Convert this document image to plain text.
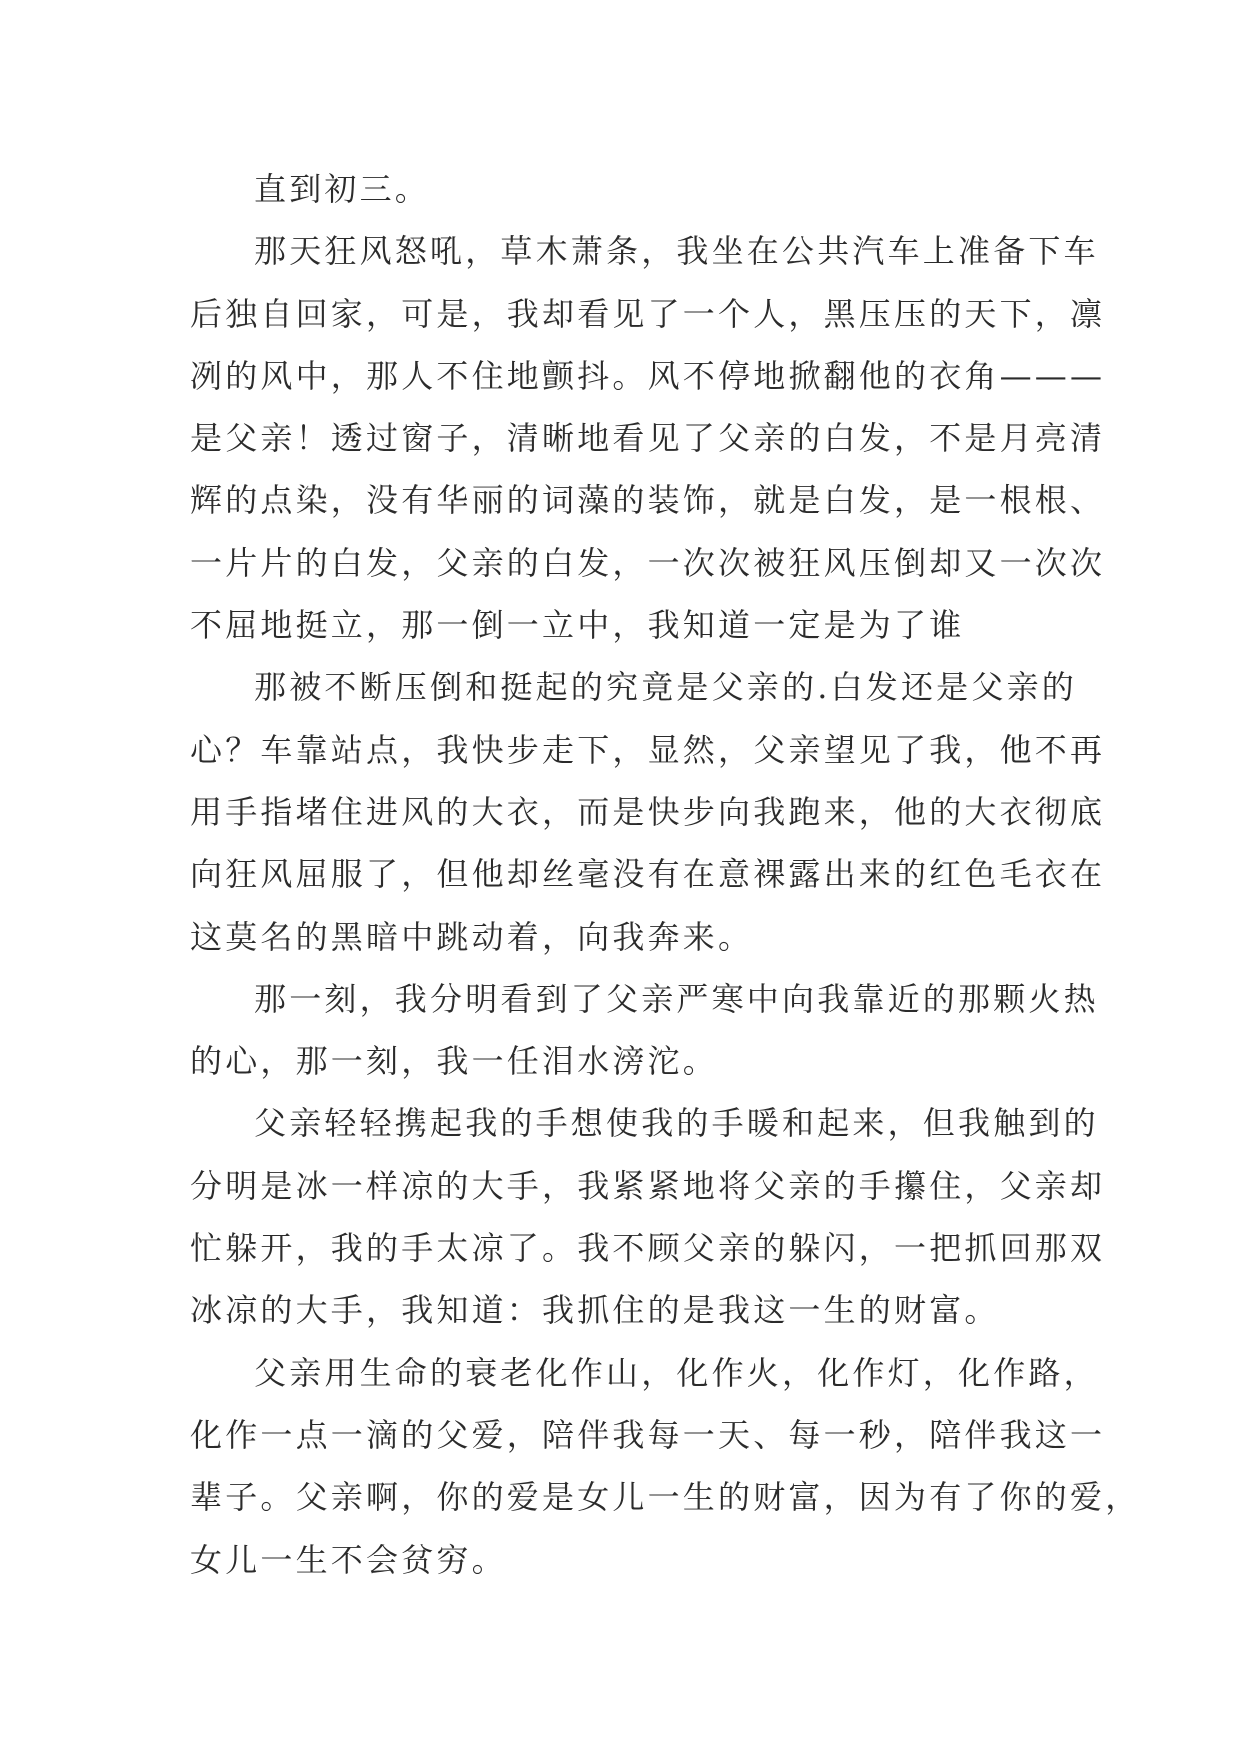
直到初三。
那天狂风怒吼，草木萧条，我坐在公共汽车上准备下车
后独自回家，可是，我却看见了一个人，黑压压的天下，凛
冽的风中，那人不住地颤抖。风不停地掀翻他的衣角———
是父亲！透过窗子，清晰地看见了父亲的白发，不是月亮清
辉的点染，没有华丽的词藻的装饰，就是白发，是一根根、
一片片的白发，父亲的白发，一次次被狂风压倒却又一次次
不屈地挺立，那一倒一立中，我知道一定是为了谁
那被不断压倒和挺起的究竟是父亲的.白发还是父亲的
心？车靠站点，我快步走下，显然，父亲望见了我，他不再
用手指堵住进风的大衣，而是快步向我跑来，他的大衣彻底
向狂风屈服了，但他却丝毫没有在意裸露出来的红色毛衣在
这莫名的黑暗中跳动着，向我奔来。
那一刻，我分明看到了父亲严寒中向我靠近的那颗火热
的心，那一刻，我一任泪水滂沱。
父亲轻轻携起我的手想使我的手暖和起来，但我触到的
分明是冰一样凉的大手，我紧紧地将父亲的手攥住，父亲却
忙躲开，我的手太凉了。我不顾父亲的躲闪，一把抓回那双
冰凉的大手，我知道：我抓住的是我这一生的财富。
父亲用生命的衰老化作山，化作火，化作灯，化作路，
化作一点一滴的父爱，陪伴我每一天、每一秒，陪伴我这一
辈子。父亲啊，你的爱是女儿一生的财富，因为有了你的爱，
女儿一生不会贫穷。
